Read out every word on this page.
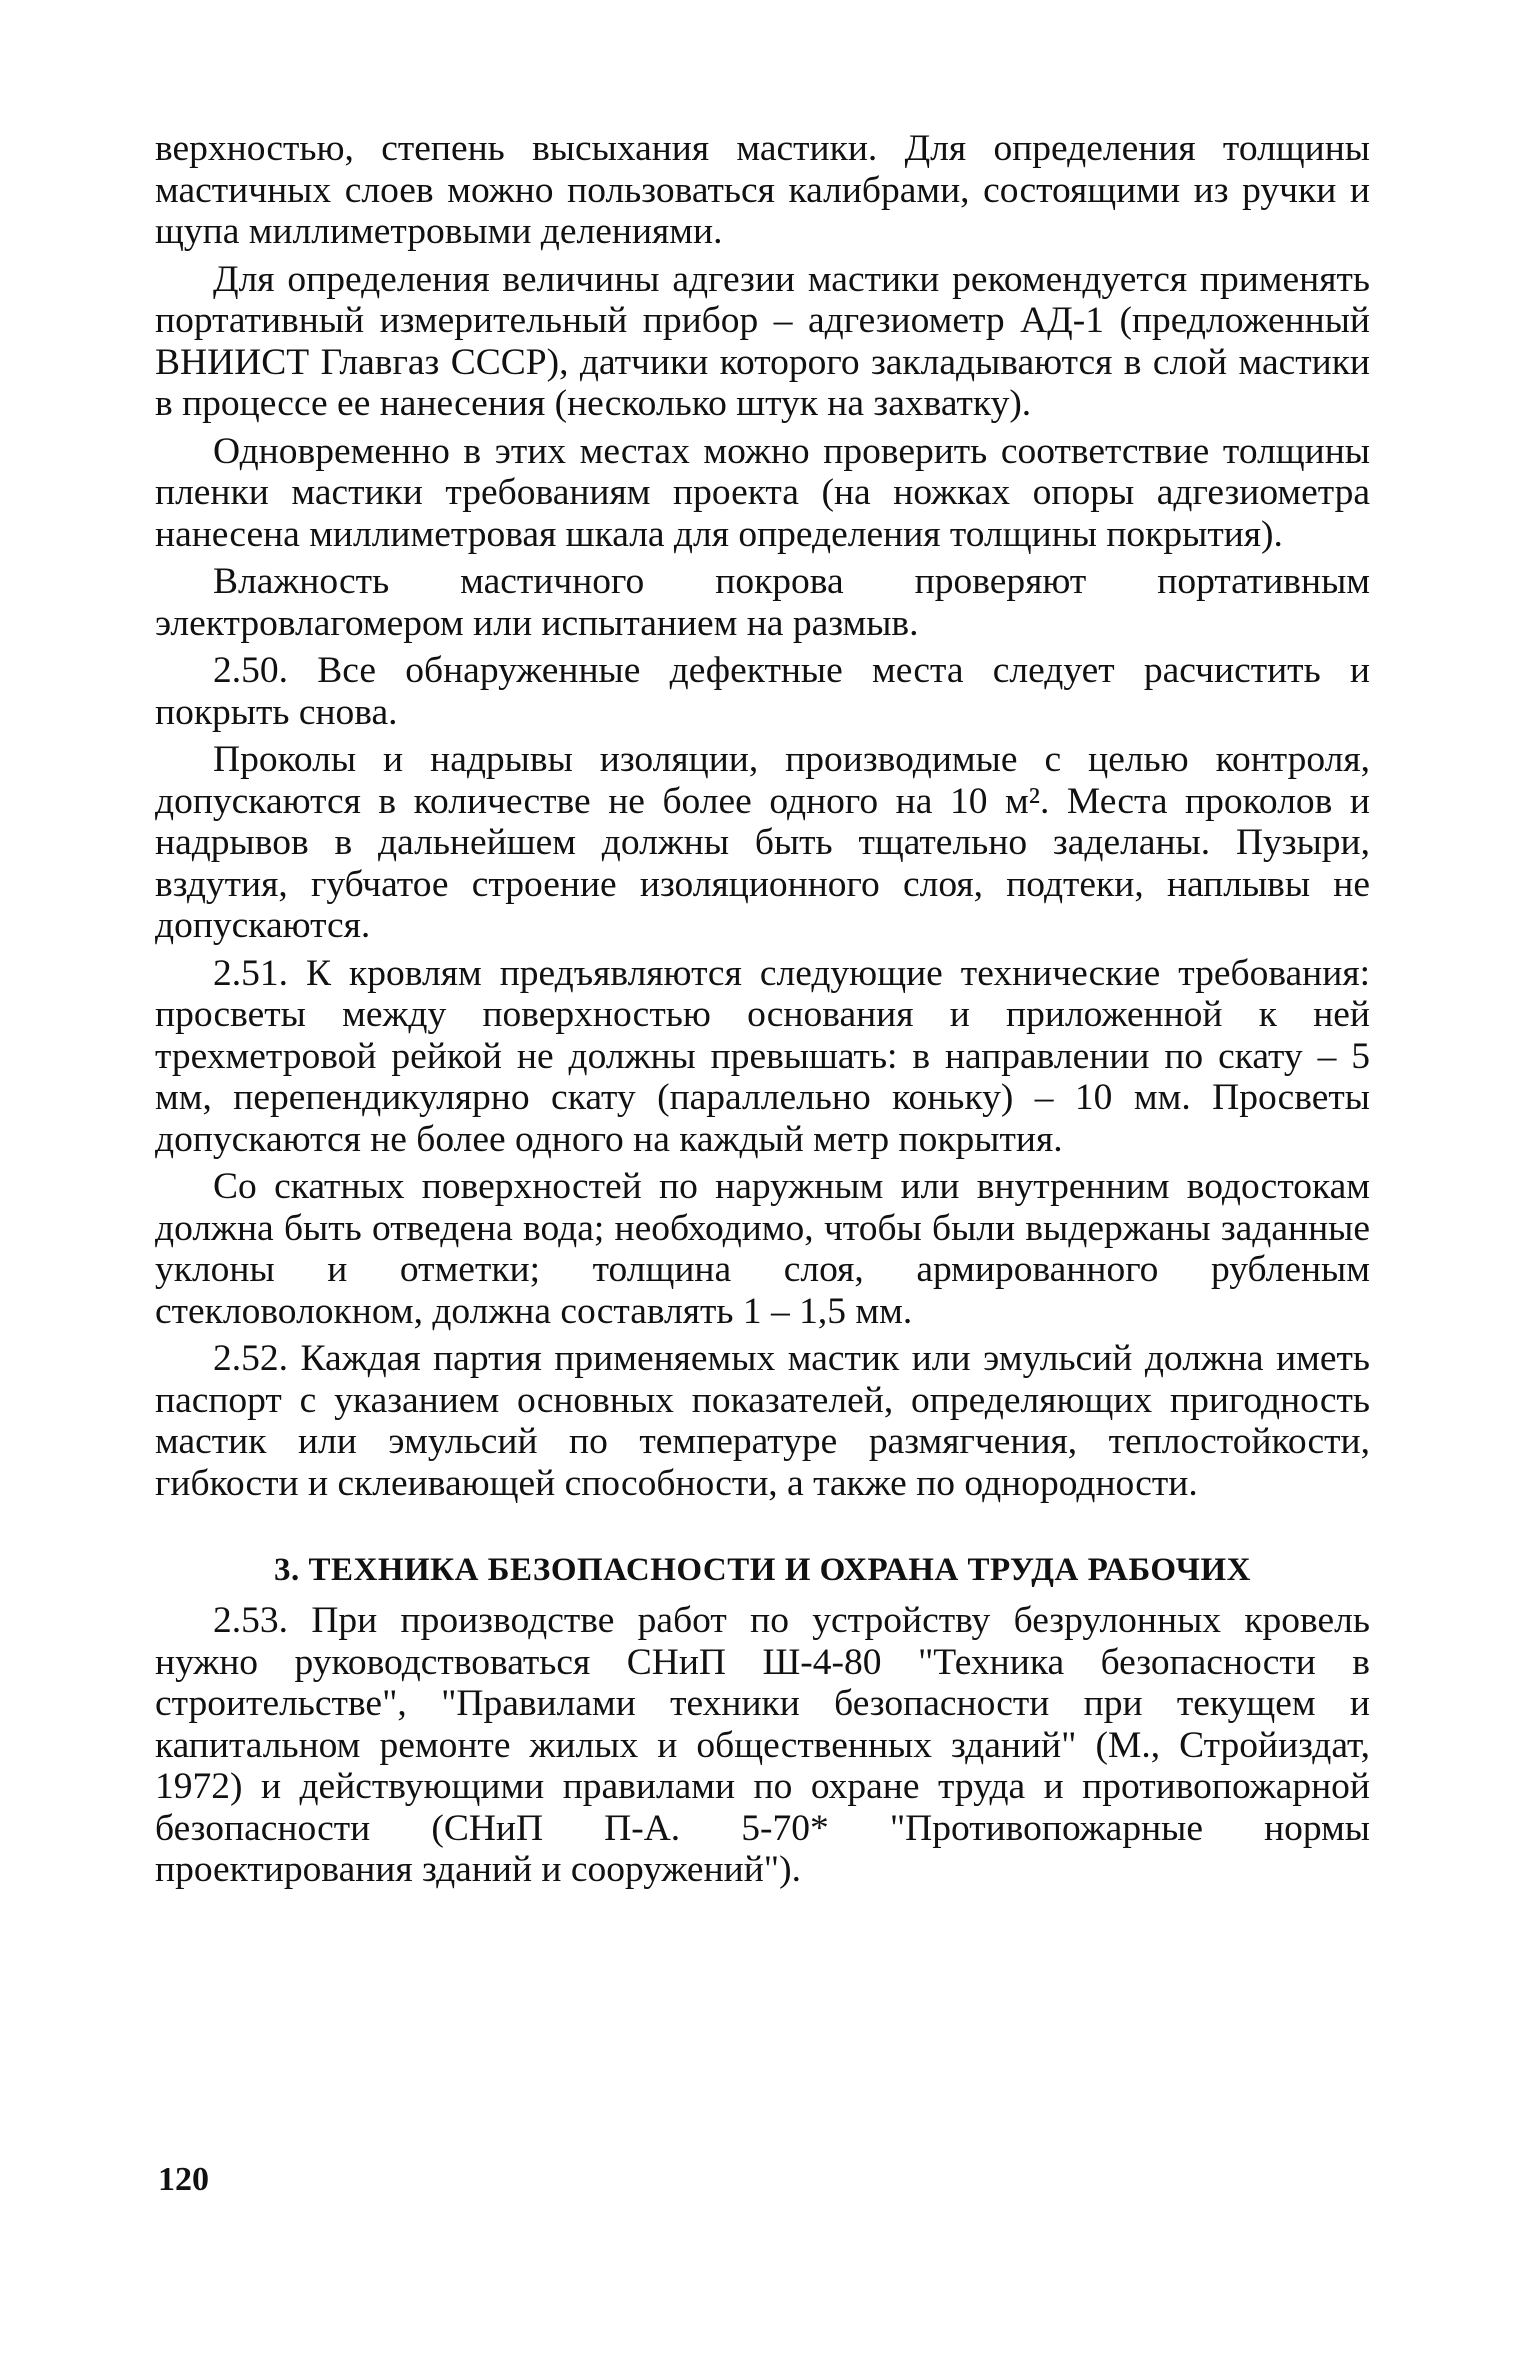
верхностью, степень высыхания мастики. Для определения толщины мастичных слоев можно пользоваться калибрами, состоящими из ручки и щупа миллиметровыми делениями.

Для определения величины адгезии мастики рекомендуется применять портативный измерительный прибор – адгезиометр АД-1 (предложенный ВНИИСТ Главгаз СССР), датчики которого закладываются в слой мастики в процессе ее нанесения (несколько штук на захватку).

Одновременно в этих местах можно проверить соответствие толщины пленки мастики требованиям проекта (на ножках опоры адгезиометра нанесена миллиметровая шкала для определения толщины покрытия).

Влажность мастичного покрова проверяют портативным электровлагомером или испытанием на размыв.

2.50. Все обнаруженные дефектные места следует расчистить и покрыть снова.

Проколы и надрывы изоляции, производимые с целью контроля, допускаются в количестве не более одного на 10 м². Места проколов и надрывов в дальнейшем должны быть тщательно заделаны. Пузыри, вздутия, губчатое строение изоляционного слоя, подтеки, наплывы не допускаются.

2.51. К кровлям предъявляются следующие технические требования: просветы между поверхностью основания и приложенной к ней трехметровой рейкой не должны превышать: в направлении по скату – 5 мм, перепендикулярно скату (параллельно коньку) – 10 мм. Просветы допускаются не более одного на каждый метр покрытия.

Со скатных поверхностей по наружным или внутренним водостокам должна быть отведена вода; необходимо, чтобы были выдержаны заданные уклоны и отметки; толщина слоя, армированного рубленым стекловолокном, должна составлять 1 – 1,5 мм.

2.52. Каждая партия применяемых мастик или эмульсий должна иметь паспорт с указанием основных показателей, определяющих пригодность мастик или эмульсий по температуре размягчения, теплостойкости, гибкости и склеивающей способности, а также по однородности.

3. ТЕХНИКА БЕЗОПАСНОСТИ И ОХРАНА ТРУДА РАБОЧИХ

2.53. При производстве работ по устройству безрулонных кровель нужно руководствоваться СНиП Ш-4-80 "Техника безопасности в строительстве", "Правилами техники безопасности при текущем и капитальном ремонте жилых и общественных зданий" (М., Стройиздат, 1972) и действующими правилами по охране труда и противопожарной безопасности (СНиП П-А. 5-70* "Противопожарные нормы проектирования зданий и сооружений").

120
